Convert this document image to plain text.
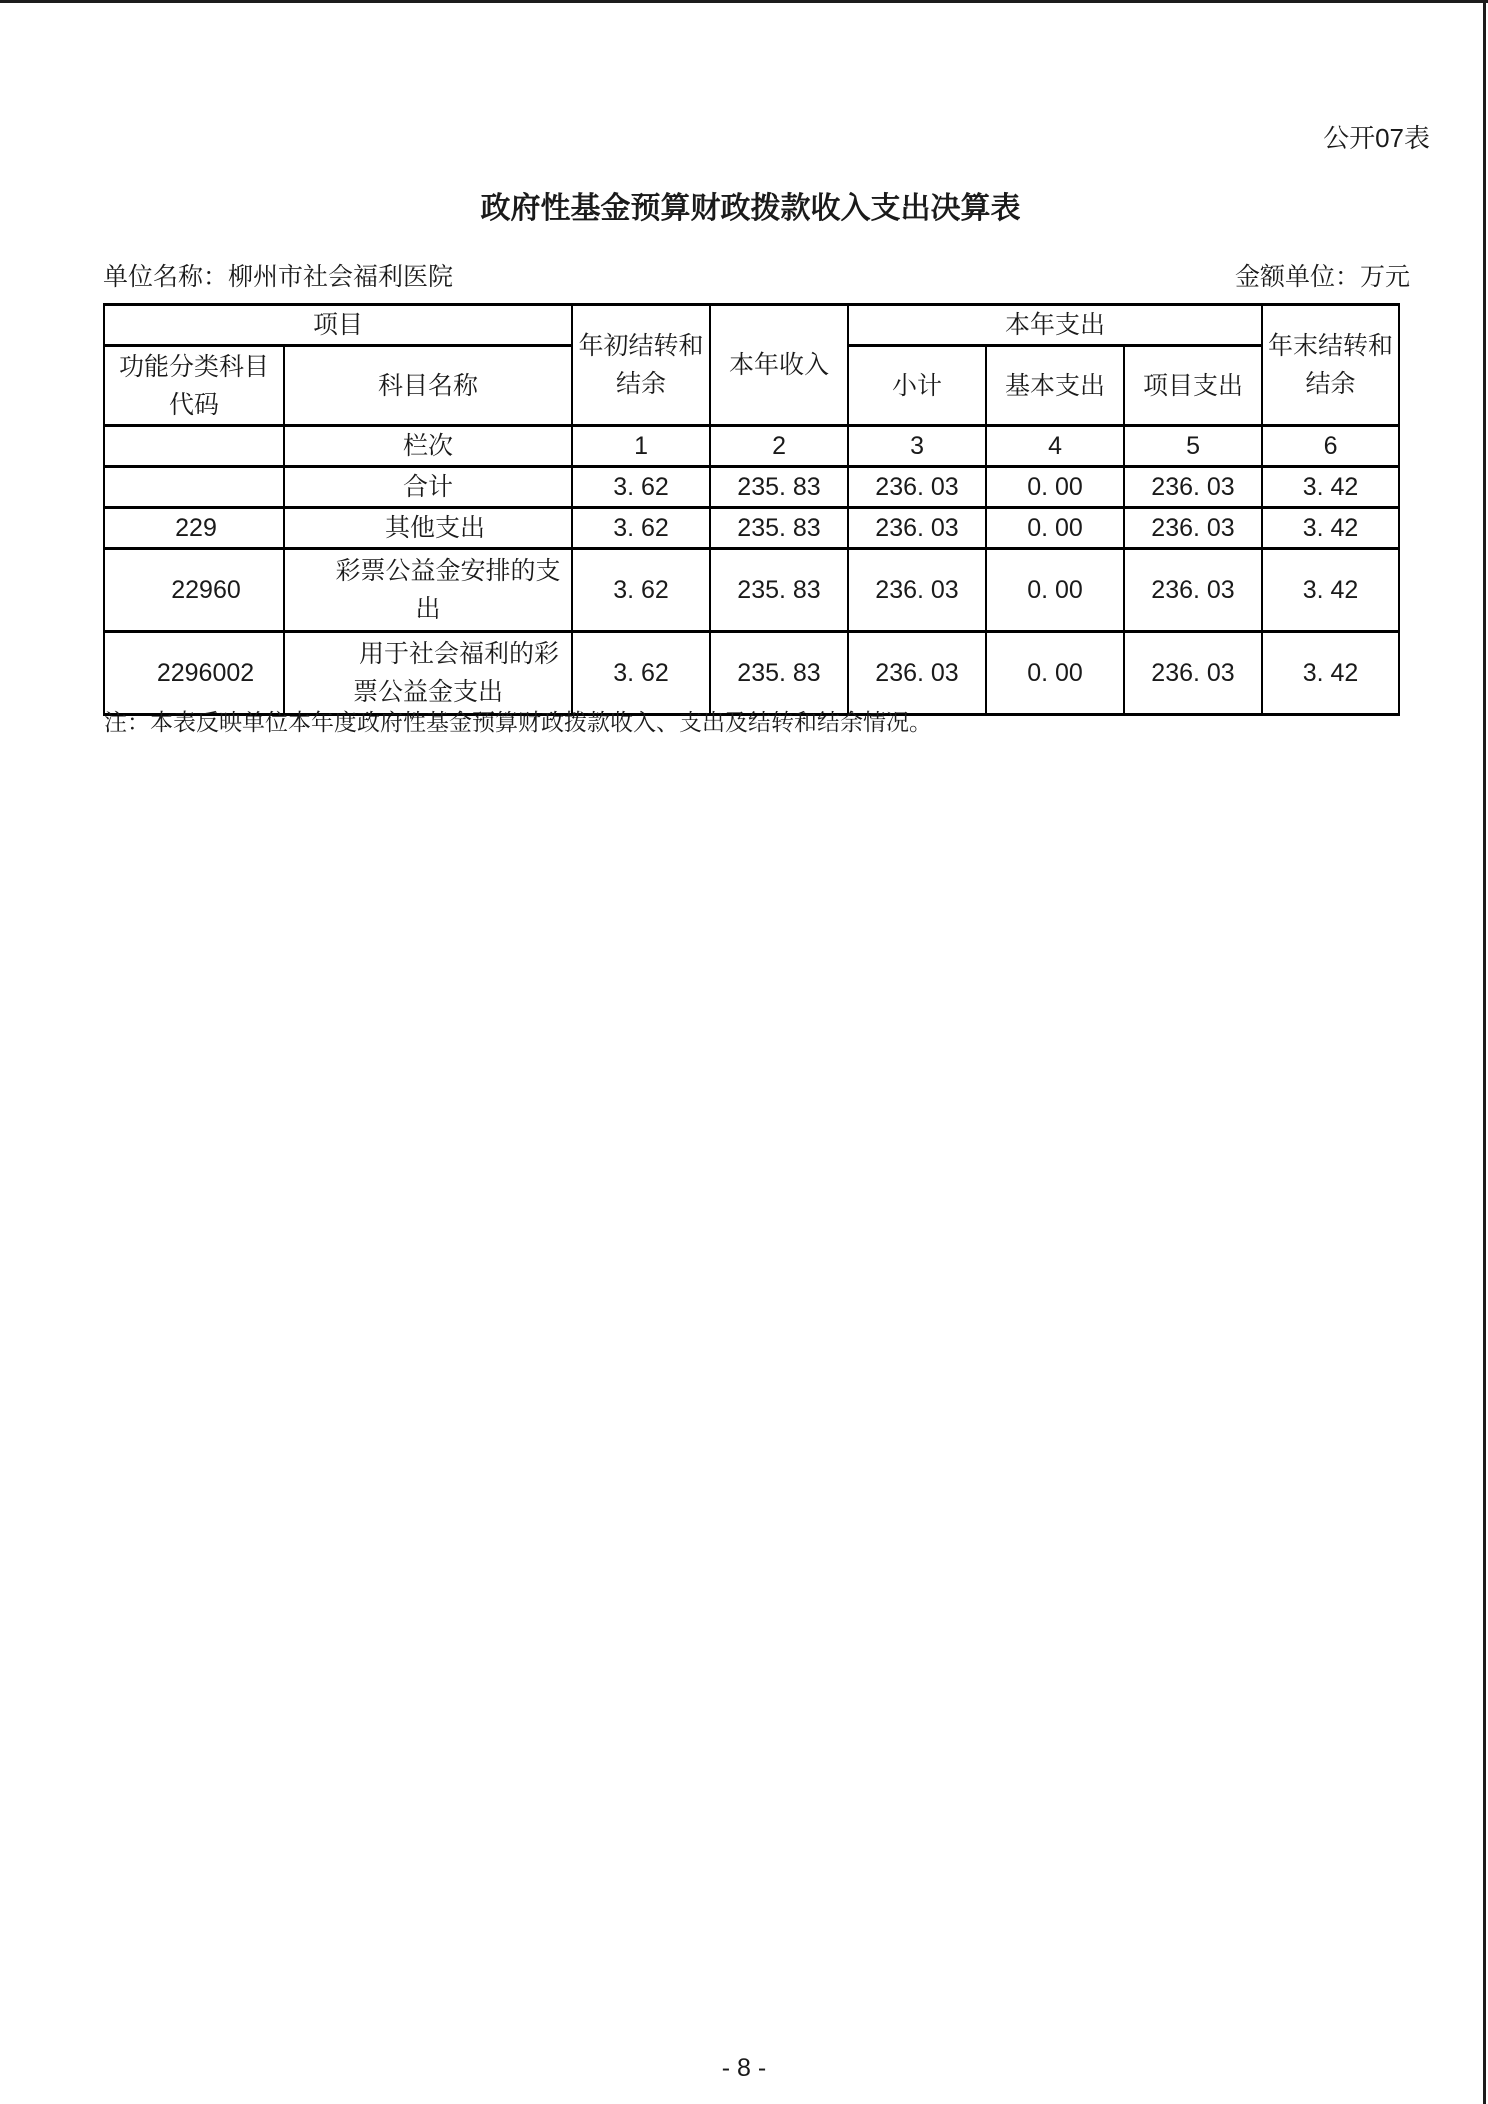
公开07表
政府性基金预算财政拨款收入支出决算表
单位名称：柳州市社会福利医院	金额单位：万元
项目		年初结转和结余	本年收入	本年支出			年末结转和结余
功能分类科目代码	科目名称			小计	基本支出	项目支出	
	栏次	1	2	3	4	5	6
	合计	3. 62	235. 83	236. 03	0. 00	236. 03	3. 42
229	其他支出	3. 62	235. 83	236. 03	0. 00	236. 03	3. 42
22960	彩票公益金安排的支出	3. 62	235. 83	236. 03	0. 00	236. 03	3. 42
2296002	用于社会福利的彩票公益金支出	3. 62	235. 83	236. 03	0. 00	236. 03	3. 42
注：本表反映单位本年度政府性基金预算财政拨款收入、支出及结转和结余情况。
- 8 -
